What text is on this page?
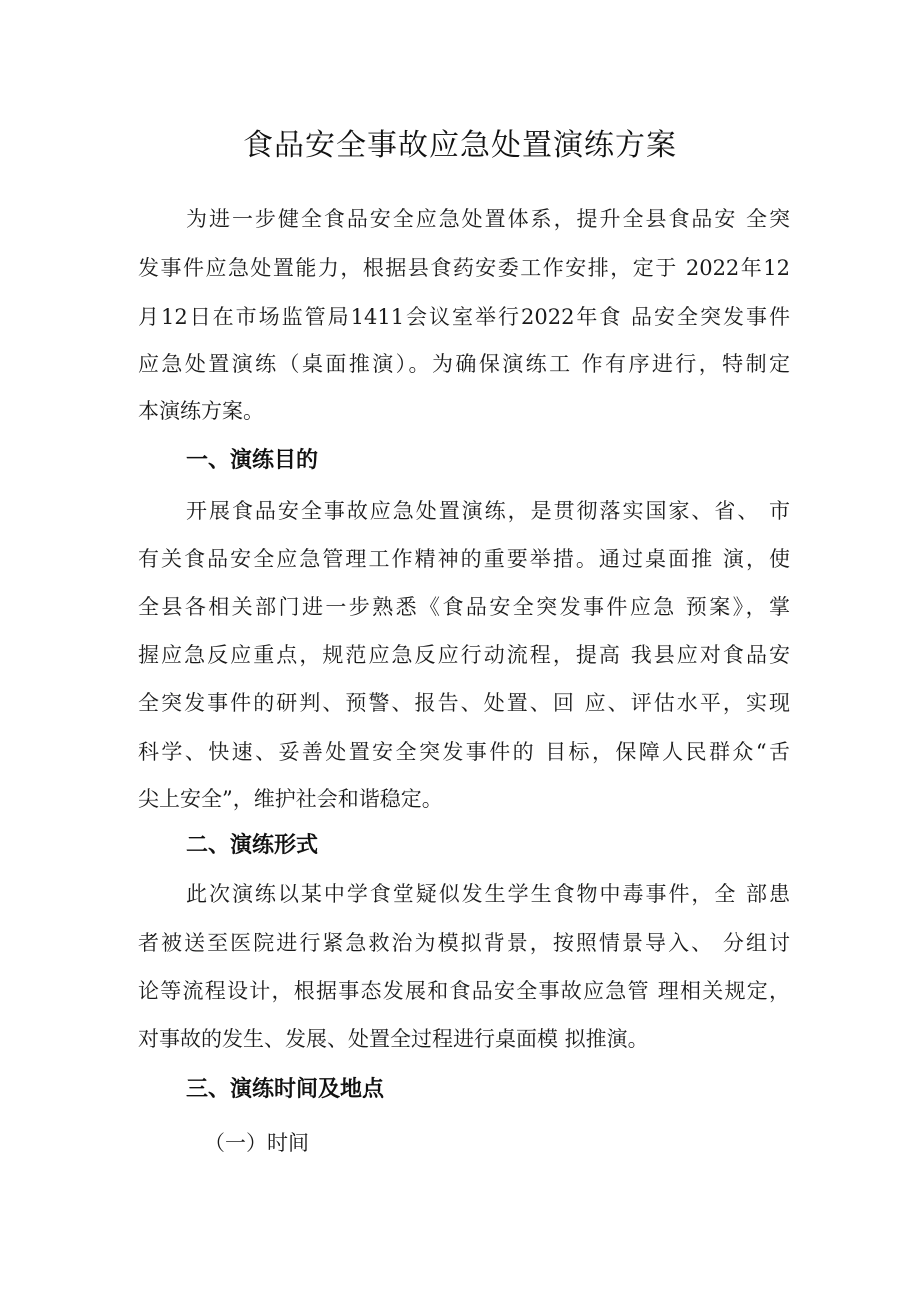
食品安全事故应急处置演练方案
为进一步健全食品安全应急处置体系，提升全县食品安 全突
发事件应急处置能力，根据县食药安委工作安排，定于 2022年12
月12日在市场监管局1411会议室举行2022年食 品安全突发事件
应急处置演练（桌面推演）。为确保演练工 作有序进行，特制定
本演练方案。
一、演练目的
开展食品安全事故应急处置演练，是贯彻落实国家、省、 市
有关食品安全应急管理工作精神的重要举措。通过桌面推 演，使
全县各相关部门进一步熟悉《食品安全突发事件应急 预案》，掌
握应急反应重点，规范应急反应行动流程，提高 我县应对食品安
全突发事件的研判、预警、报告、处置、回 应、评估水平，实现
科学、快速、妥善处置安全突发事件的 目标，保障人民群众“舌
尖上安全”，维护社会和谐稳定。
二、演练形式
此次演练以某中学食堂疑似发生学生食物中毒事件，全 部患
者被送至医院进行紧急救治为模拟背景，按照情景导入、 分组讨
论等流程设计，根据事态发展和食品安全事故应急管 理相关规定，
对事故的发生、发展、处置全过程进行桌面模 拟推演。
三、演练时间及地点
（一）时间
